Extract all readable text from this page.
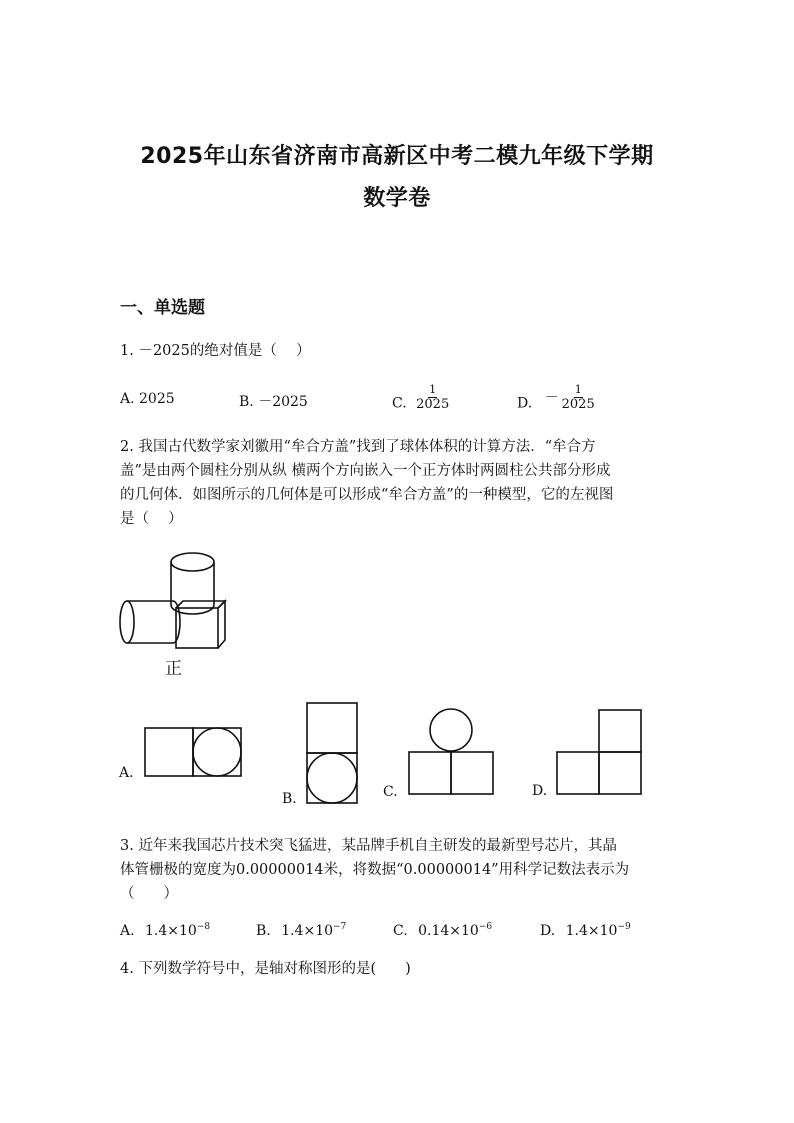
2025年山东省济南市高新区中考二模九年级下学期
数学卷
一、单选题
1. －2025的绝对值是（　 ）
A. 2025	B. －2025	C. $\frac{1}{2025}$	D. － $\frac{1}{2025}$
2. 我国古代数学家刘徽用“牟合方盖”找到了球体体积的计算方法．“牟合方
盖”是由两个圆柱分别从纵 横两个方向嵌入一个正方体时两圆柱公共部分形成
的几何体．如图所示的几何体是可以形成“牟合方盖”的一种模型，它的左视图
是（　 ）
正
A.
B.	C.	D.
3. 近年来我国芯片技术突飞猛进，某品牌手机自主研发的最新型号芯片，其晶
体管栅极的宽度为0.00000014米，将数据“0.00000014”用科学记数法表示为
（　　）
A. $1.4\times 10^{-8}$	B. $1.4\times 10^{-7}$	C. $0.14\times 10^{-6}$	D. $1.4\times 10^{-9}$
4. 下列数学符号中，是轴对称图形的是(　　)
